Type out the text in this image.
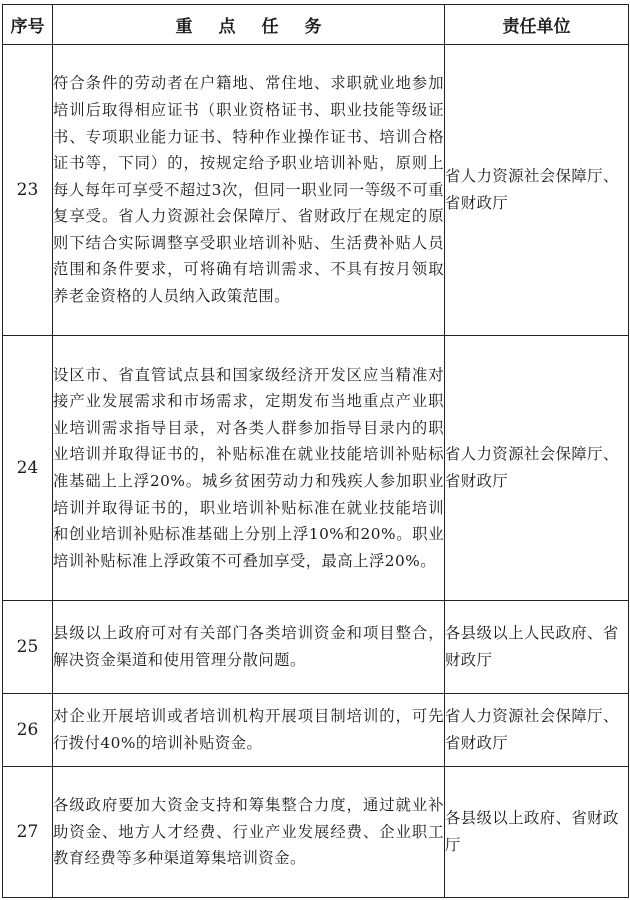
序号	重点任务	责任单位
23	符合条件的劳动者在户籍地、常住地、求职就业地参加培训后取得相应证书（职业资格证书、职业技能等级证书、专项职业能力证书、特种作业操作证书、培训合格证书等，下同）的，按规定给予职业培训补贴，原则上每人每年可享受不超过3次，但同一职业同一等级不可重复享受。省人力资源社会保障厅、省财政厅在规定的原则下结合实际调整享受职业培训补贴、生活费补贴人员范围和条件要求，可将确有培训需求、不具有按月领取养老金资格的人员纳入政策范围。	省人力资源社会保障厅、省财政厅
24	设区市、省直管试点县和国家级经济开发区应当精准对接产业发展需求和市场需求，定期发布当地重点产业职业培训需求指导目录，对各类人群参加指导目录内的职业培训并取得证书的，补贴标准在就业技能培训补贴标准基础上上浮20%。城乡贫困劳动力和残疾人参加职业培训并取得证书的，职业培训补贴标准在就业技能培训和创业培训补贴标准基础上分别上浮10%和20%。职业培训补贴标准上浮政策不可叠加享受，最高上浮20%。	省人力资源社会保障厅、省财政厅
25	县级以上政府可对有关部门各类培训资金和项目整合，解决资金渠道和使用管理分散问题。	各县级以上人民政府、省财政厅
26	对企业开展培训或者培训机构开展项目制培训的，可先行拨付40%的培训补贴资金。	省人力资源社会保障厅、省财政厅
27	各级政府要加大资金支持和筹集整合力度，通过就业补助资金、地方人才经费、行业产业发展经费、企业职工教育经费等多种渠道筹集培训资金。	各县级以上政府、省财政厅
